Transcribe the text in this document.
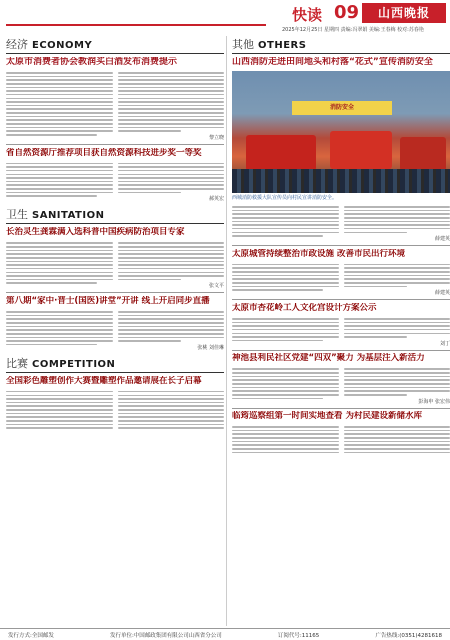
快读 09	山西晚报
2025年12月25日 星期四 责编:冯翠娟 美编:王春梅 校对:苏春艳
经济 ECONOMY
太原市消费者协会教润买白酒发布消费提示
黎立晓
省自然资源厅推荐项目获自然资源科技进步奖一等奖
郝英宏
卫生 SANITATION
长治灵生龚霖满入选科普中国疾病防治项目专家
张文平
第八期“家中·晋士(国医)讲堂”开讲 线上开启同步直播
张桃 刘佳琳
比赛 COMPETITION
全国彩色雕塑创作大赛暨雕塑作品邀请展在长子启幕
其他 OTHERS
山西消防走进田间地头和村落“花式”宣传消防安全
消防安全
西城消防救援大队宣传员向村民宣讲消防安全。
薛建英
太原城管持续整治市政设施 改善市民出行环境
薛建英
太原市杏花岭工人文化宫设计方案公示
刘丁
神池县利民社区党建“四双”聚力 为基层注入新活力
彭海申 张宏伟
临筠巡察组第一时间实地查看 为村民建设新储水库
发行方式:全国邮发	发行单位:中国邮政集团有限公司山西省分公司	订阅代号:11165	广告热线:(0351)4281618
